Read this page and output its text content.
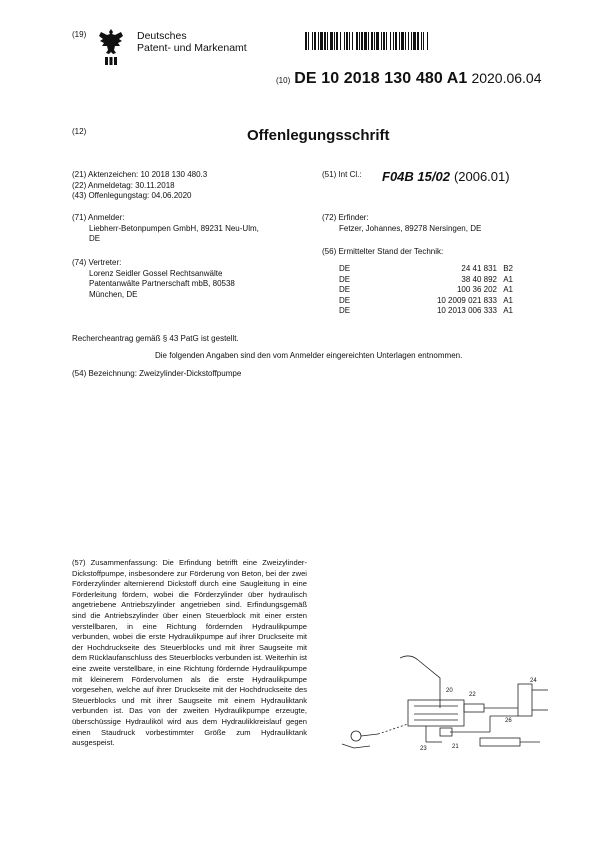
(19)	Deutsches
Patent- und Markenamt
(10) DE 10 2018 130 480 A1 2020.06.04
(12)	Offenlegungsschrift
(21) Aktenzeichen: 10 2018 130 480.3
(22) Anmeldetag: 30.11.2018
(43) Offenlegungstag: 04.06.2020
(51) Int Cl.: F04B 15/02 (2006.01)
(71) Anmelder:
Liebherr-Betonpumpen GmbH, 89231 Neu-Ulm,
DE
(74) Vertreter:
Lorenz Seidler Gossel Rechtsanwälte
Patentanwälte Partnerschaft mbB, 80538
München, DE
(72) Erfinder:
Fetzer, Johannes, 89278 Nersingen, DE
(56) Ermittelter Stand der Technik:
DE	24 41 831	B2
DE	38 40 892	A1
DE	100 36 202	A1
DE	10 2009 021 833	A1
DE	10 2013 006 333	A1
Rechercheantrag gemäß § 43 PatG ist gestellt.
Die folgenden Angaben sind den vom Anmelder eingereichten Unterlagen entnommen.
(54) Bezeichnung: Zweizylinder-Dickstoffpumpe
(57) Zusammenfassung: Die Erfindung betrifft eine Zweizylinder-Dickstoffpumpe, insbesondere zur Förderung von Beton, bei der zwei Förderzylinder alternierend Dickstoff durch eine Saugleitung in eine Förderleitung fördern, wobei die Förderzylinder über hydraulisch angetriebene Antriebszylinder angetrieben sind. Erfindungsgemäß sind die Antriebszylinder über einen Steuerblock mit einer ersten verstellbaren, in eine Richtung fördernden Hydraulikpumpe verbunden, wobei die erste Hydraulikpumpe auf ihrer Druckseite mit der Hochdruckseite des Steuerblocks und mit ihrer Saugseite mit dem Rücklaufanschluss des Steuerblocks verbunden ist. Weiterhin ist eine zweite verstellbare, in eine Richtung fördernde Hydraulikpumpe mit kleinerem Fördervolumen als die erste Hydraulikpumpe vorgesehen, welche auf ihrer Druckseite mit der Hochdruckseite des Steuerblocks und mit ihrer Saugseite mit einem Hydrauliktank verbunden ist. Das von der zweiten Hydraulikpumpe erzeugte, überschüssige Hydrauliköl wird aus dem Hydraulikkreislauf gegen einen Staudruck vorbestimmter Größe zum Hydrauliktank ausgespeist.
20
22
24
26
23	21
